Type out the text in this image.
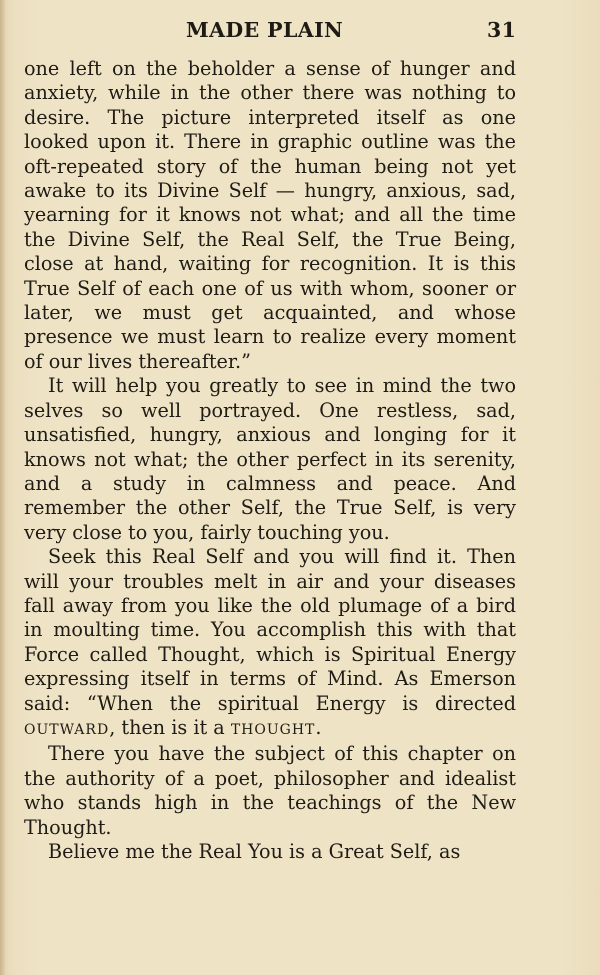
MADE PLAIN	31

one left on the beholder a sense of hunger and anxiety, while in the other there was nothing to desire. The picture interpreted itself as one looked upon it. There in graphic outline was the oft-repeated story of the human being not yet awake to its Divine Self — hungry, anxious, sad, yearning for it knows not what; and all the time the Divine Self, the Real Self, the True Being, close at hand, waiting for recognition. It is this True Self of each one of us with whom, sooner or later, we must get acquainted, and whose presence we must learn to realize every moment of our lives thereafter.”

It will help you greatly to see in mind the two selves so well portrayed. One restless, sad, unsatisfied, hungry, anxious and longing for it knows not what; the other perfect in its serenity, and a study in calmness and peace. And remember the other Self, the True Self, is very very close to you, fairly touching you.

Seek this Real Self and you will find it. Then will your troubles melt in air and your diseases fall away from you like the old plumage of a bird in moulting time. You accomplish this with that Force called Thought, which is Spiritual Energy expressing itself in terms of Mind. As Emerson said: “When the spiritual Energy is directed OUTWARD, then is it a THOUGHT.

There you have the subject of this chapter on the authority of a poet, philosopher and idealist who stands high in the teachings of the New Thought.

Believe me the Real You is a Great Self, as
